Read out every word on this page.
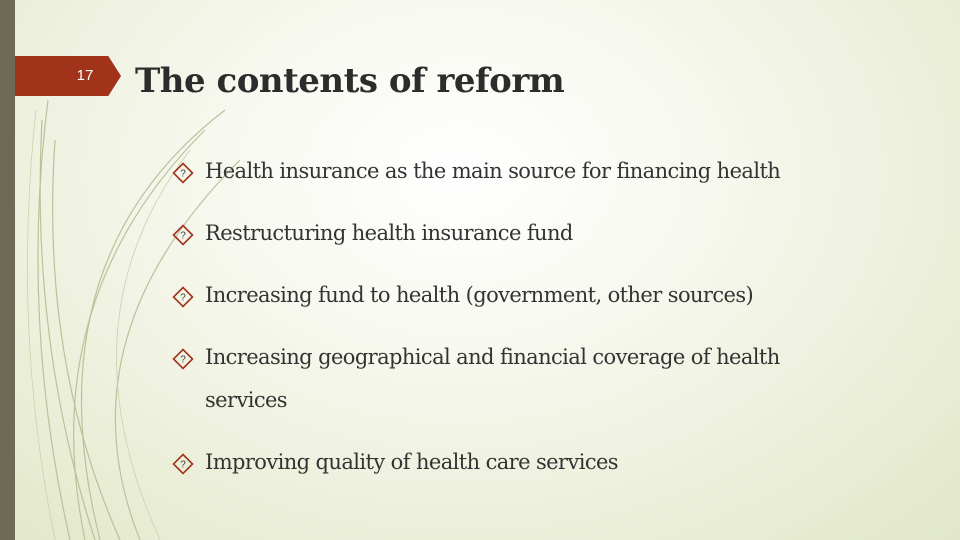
17	The contents of reform
? Health insurance as the main source for financing health
? Restructuring health insurance fund
? Increasing fund to health (government, other sources)
? Increasing geographical and financial coverage of health services
? Improving quality of health care services
